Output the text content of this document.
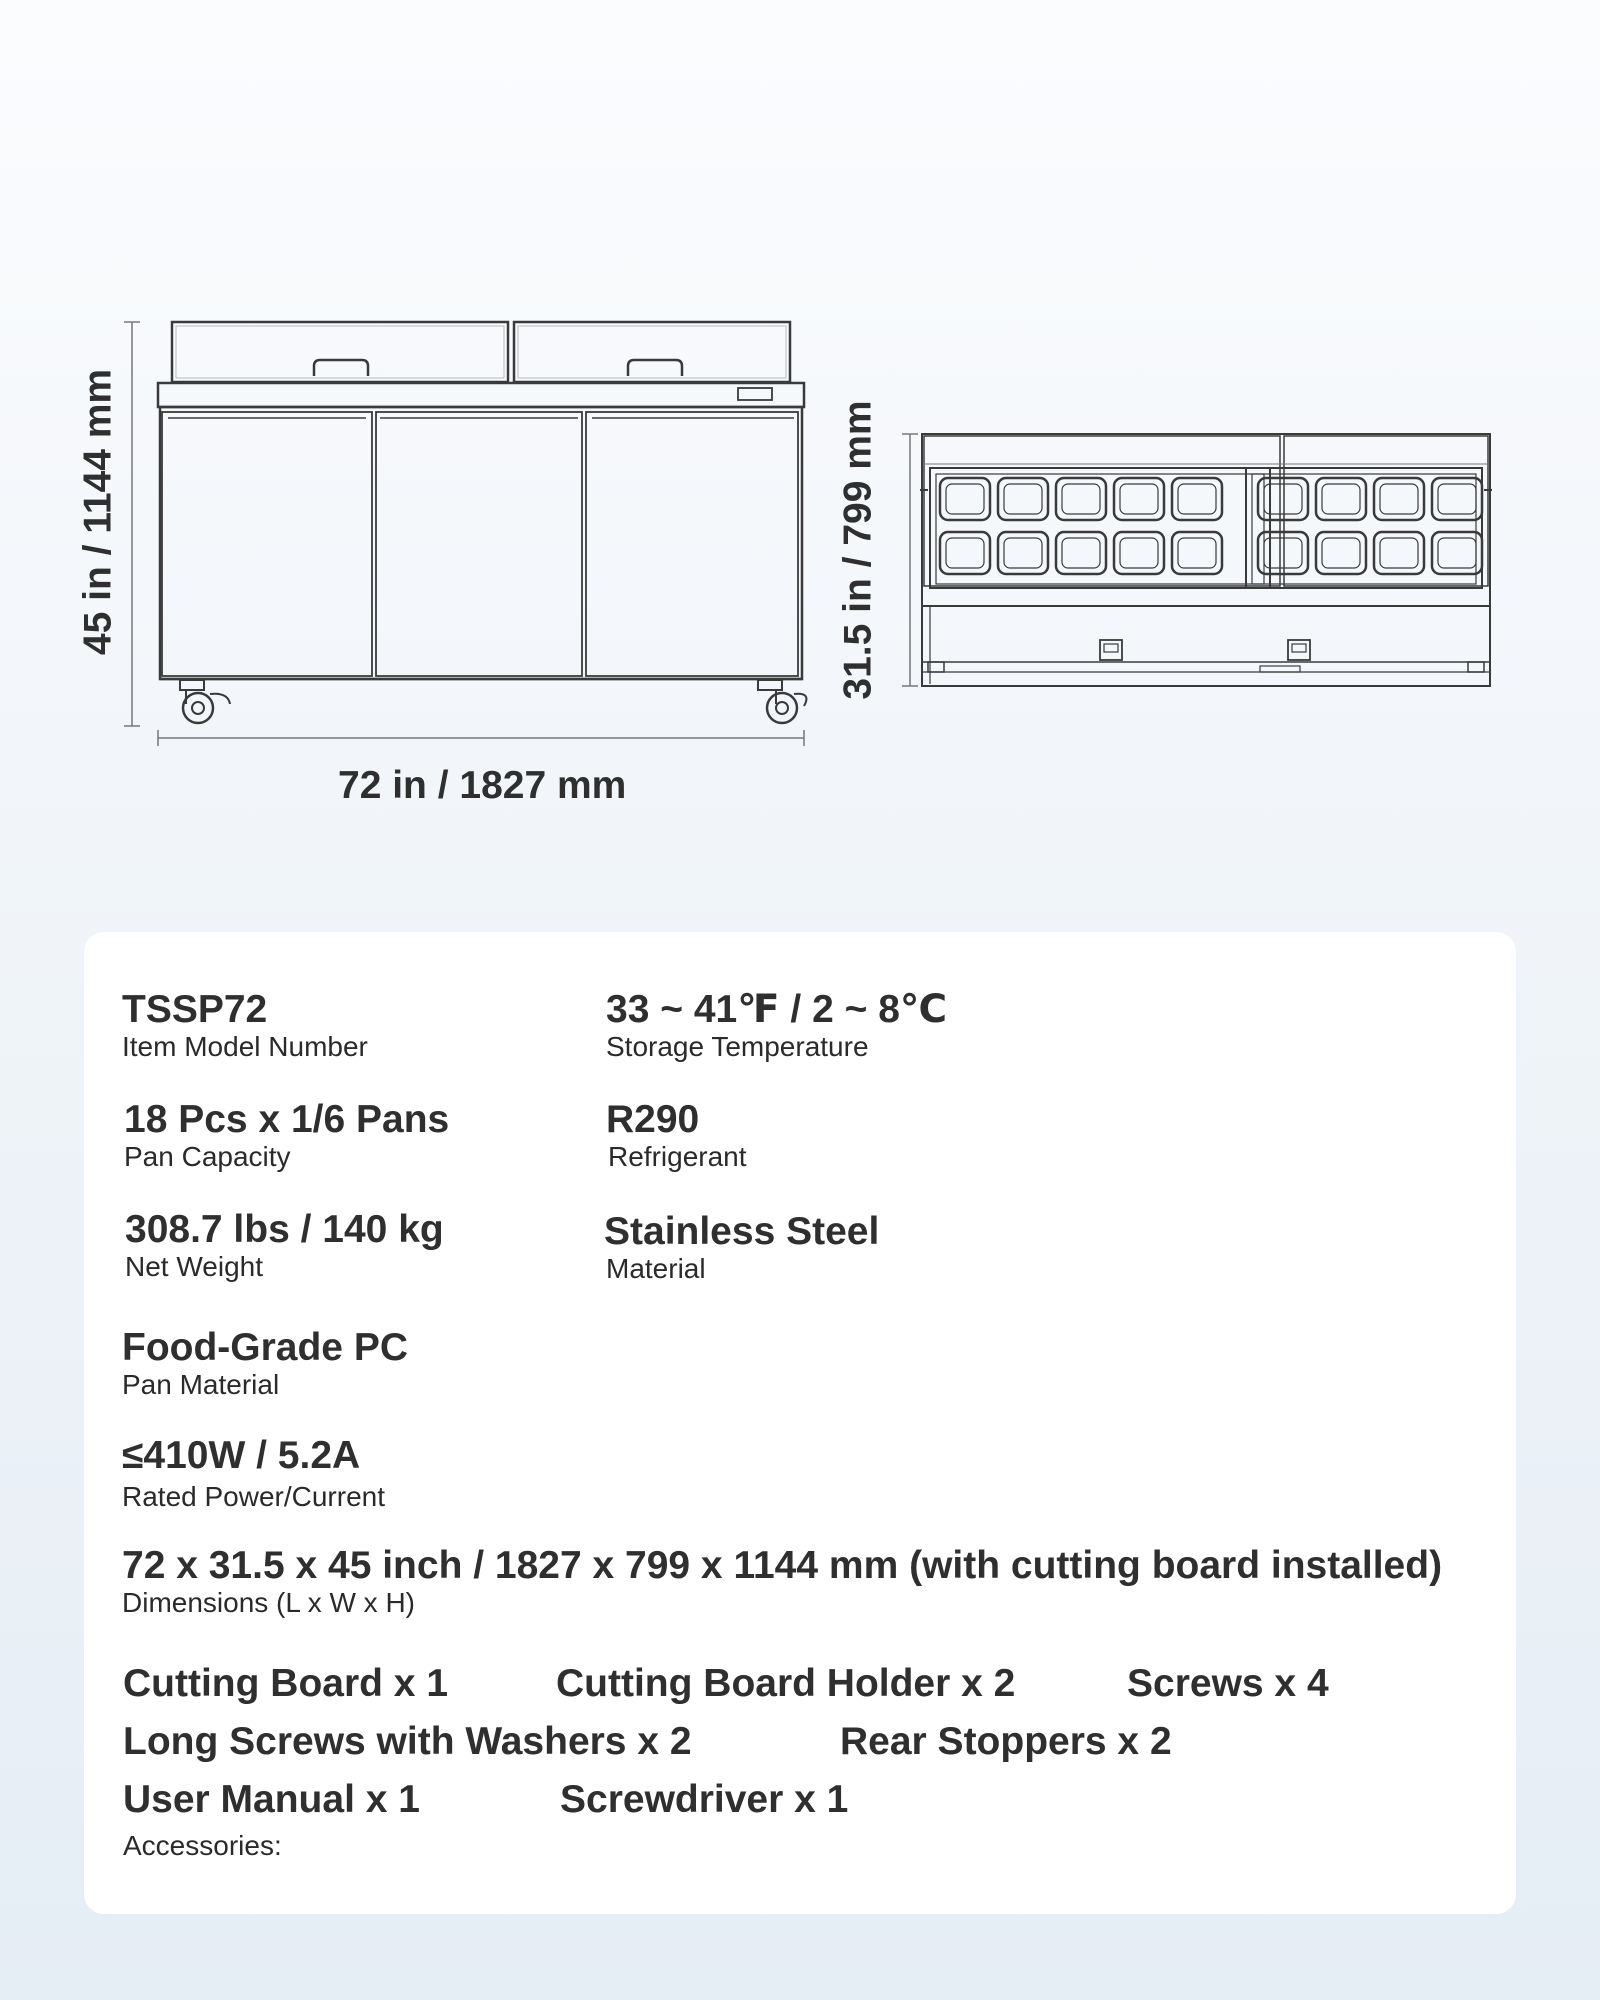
45 in / 1144 mm
72 in / 1827 mm
31.5 in / 799 mm
TSSP72
Item Model Number
33 ~ 41℉ / 2 ~ 8℃
Storage Temperature
18 Pcs x 1/6 Pans
Pan Capacity
R290
Refrigerant
308.7 lbs / 140 kg
Net Weight
Stainless Steel
Material
Food-Grade PC
Pan Material
≤410W / 5.2A
Rated Power/Current
72 x 31.5 x 45 inch / 1827 x 799 x 1144 mm (with cutting board installed)
Dimensions (L x W x H)
Cutting Board x 1	Cutting Board Holder x 2	Screws x 4
Long Screws with Washers x 2	Rear Stoppers x 2
User Manual x 1	Screwdriver x 1
Accessories:
